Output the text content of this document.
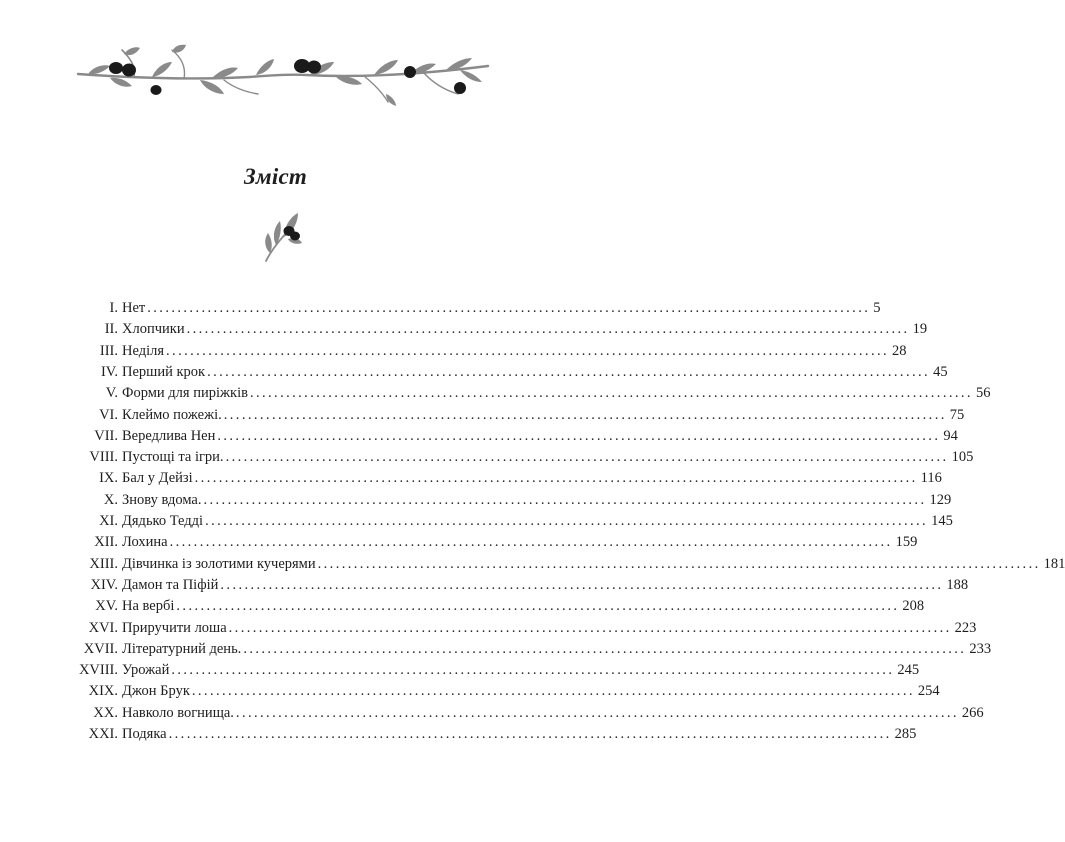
Зміст
I. Нет ........................................................................................................................ 5
II. Хлопчики ........................................................................................................................ 19
III. Неділя ........................................................................................................................ 28
IV. Перший крок ........................................................................................................................ 45
V. Форми для пиріжків ........................................................................................................................ 56
VI. Клеймо пожежі. ........................................................................................................................ 75
VII. Вередлива Нен ........................................................................................................................ 94
VIII. Пустощі та ігри. ........................................................................................................................ 105
IX. Бал у Дейзі ........................................................................................................................ 116
X. Знову вдома. ........................................................................................................................ 129
XI. Дядько Тедді ........................................................................................................................ 145
XII. Лохина ........................................................................................................................ 159
XIII. Дівчинка із золотими кучерями ........................................................................................................................ 181
XIV. Дамон та Піфій ........................................................................................................................ 188
XV. На вербі ........................................................................................................................ 208
XVI. Приручити лоша ........................................................................................................................ 223
XVII. Літературний день. ........................................................................................................................ 233
XVIII. Урожай ........................................................................................................................ 245
XIX. Джон Брук ........................................................................................................................ 254
XX. Навколо вогнища. ........................................................................................................................ 266
XXI. Подяка ........................................................................................................................ 285
